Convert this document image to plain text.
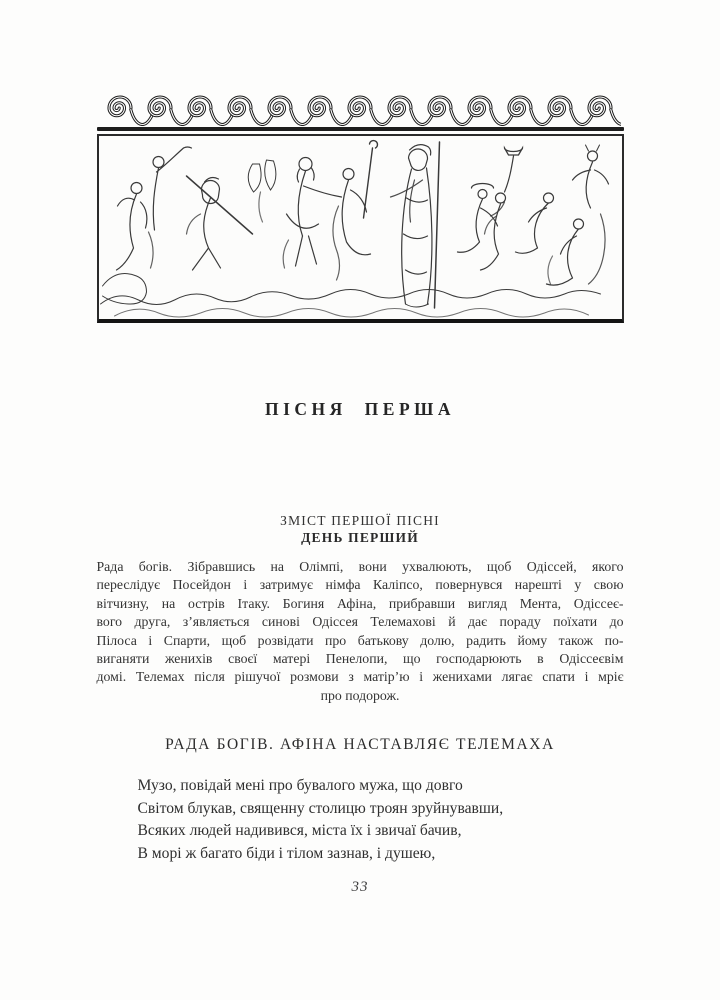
ПІСНЯ ПЕРША
ЗМІСТ ПЕРШОЇ ПІСНІ
ДЕНЬ ПЕРШИЙ
Рада богів. Зібравшись на Олімпі, вони ухвалюють, щоб Одіссей, якого
переслідує Посейдон і затримує німфа Каліпсо, повернувся нарешті у свою
вітчизну, на острів Ітаку. Богиня Афіна, прибравши вигляд Мента, Одіссеє-
вого друга, з’являється синові Одіссея Телемахові й дає пораду поїхати до
Пілоса і Спарти, щоб розвідати про батькову долю, радить йому також по-
виганяти женихів своєї матері Пенелопи, що господарюють в Одіссеєвім
домі. Телемах після рішучої розмови з матір’ю і женихами лягає спати і мріє
про подорож.
РАДА БОГІВ. АФІНА НАСТАВЛЯЄ ТЕЛЕМАХА
Музо, повідай мені про бувалого мужа, що довго
Світом блукав, священну столицю троян зруйнувавши,
Всяких людей надивився, міста їх і звичаї бачив,
В морі ж багато біди і тілом зазнав, і душею,
33
